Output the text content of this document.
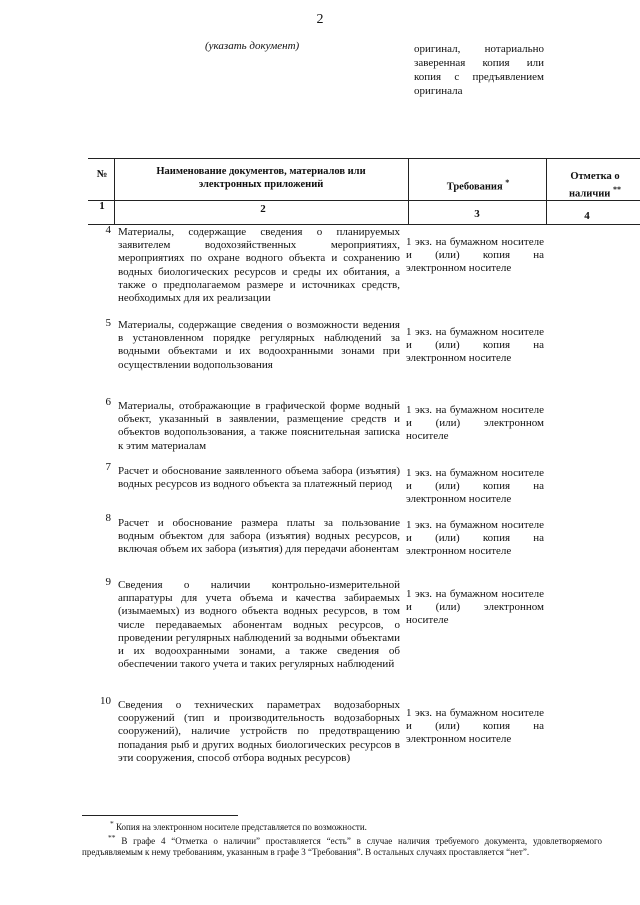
2
(указать документ)	оригинал, нотариально заверенная копия или копия с предъявлением оригинала
№	Наименование документов, материалов или электронных приложений	Требования *
Отметка о наличии **
1	2	3	4
4 Материалы, содержащие сведения о планируемых заявителем водохозяйственных мероприятиях, мероприятиях по охране водного объекта и сохранению водных биологических ресурсов и среды их обитания, а также о предполагаемом размере и источниках средств, необходимых для их реализации
1 экз. на бумажном носителе и (или) копия на электронном носителе
5 Материалы, содержащие сведения о возможности ведения в установленном порядке регулярных наблюдений за водными объектами и их водоохранными зонами при осуществлении водопользования
1 экз. на бумажном носителе и (или) копия на электронном носителе
6 Материалы, отображающие в графической форме водный объект, указанный в заявлении, размещение средств и объектов водопользования, а также пояснительная записка к этим материалам
1 экз. на бумажном носителе и (или) электронном носителе
7 Расчет и обоснование заявленного объема забора (изъятия) водных ресурсов из водного объекта за платежный период
1 экз. на бумажном носителе и (или) копия на электронном носителе
8 Расчет и обоснование размера платы за пользование водным объектом для забора (изъятия) водных ресурсов, включая объем их забора (изъятия) для передачи абонентам
1 экз. на бумажном носителе и (или) копия на электронном носителе
9 Сведения о наличии контрольно-измерительной аппаратуры для учета объема и качества забираемых (изымаемых) из водного объекта водных ресурсов, в том числе передаваемых абонентам водных ресурсов, о проведении регулярных наблюдений за водными объектами и их водоохранными зонами, а также сведения об обеспечении такого учета и таких регулярных наблюдений
1 экз. на бумажном носителе и (или) электронном носителе
10 Сведения о технических параметрах водозаборных сооружений (тип и производительность водозаборных сооружений), наличие устройств по предотвращению попадания рыб и других водных биологических ресурсов в эти сооружения, способ отбора водных ресурсов)
1 экз. на бумажном носителе и (или) копия на электронном носителе
* Копия на электронном носителе представляется по возможности.
** В графе 4 “Отметка о наличии” проставляется “есть” в случае наличия требуемого документа, удовлетворяемого предъявляемым к нему требованиям, указанным в графе 3 “Требования”. В остальных случаях проставляется “нет”.
